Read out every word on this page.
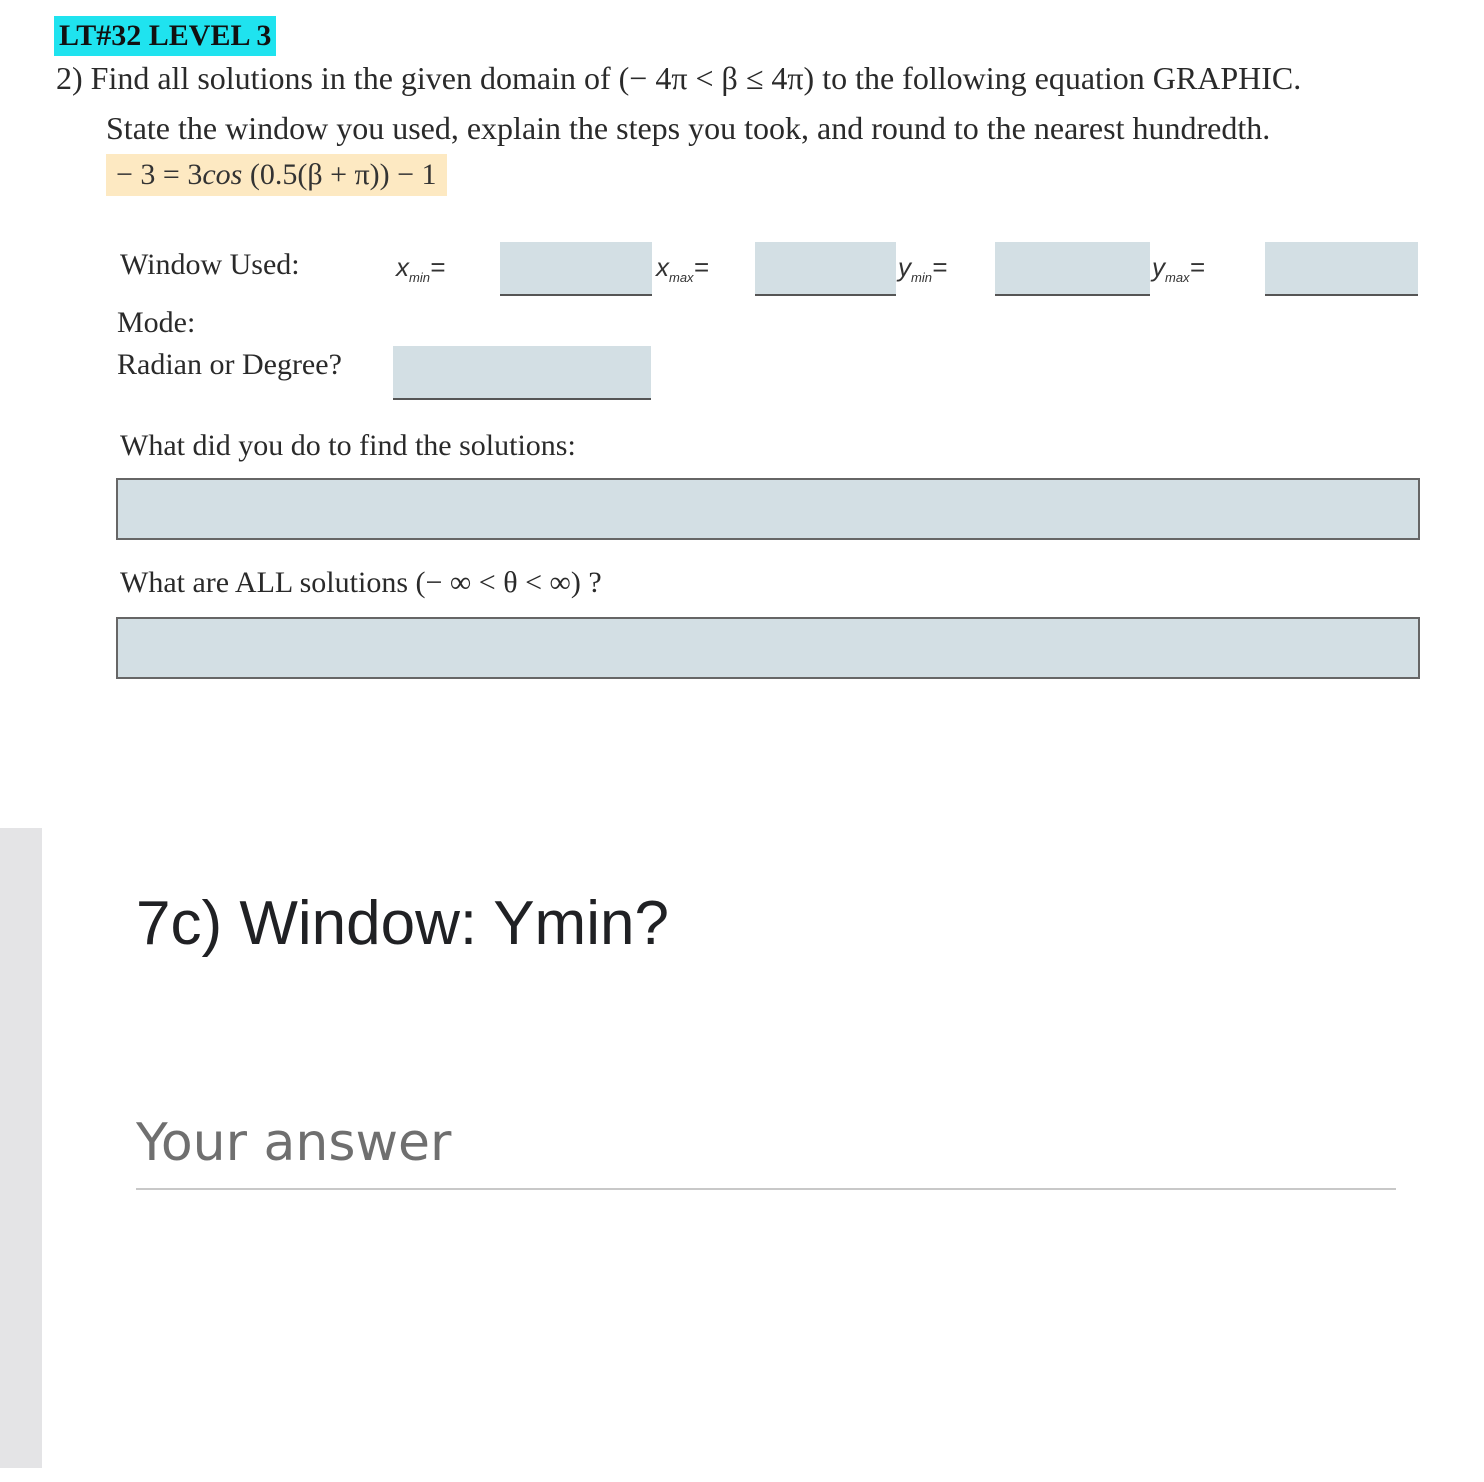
LT#32 LEVEL 3
2) Find all solutions in the given domain of (− 4π < β ≤ 4π) to the following equation GRAPHIC.
State the window you used, explain the steps you took, and round to the nearest hundredth.
− 3 = 3cos (0.5(β + π)) − 1
Window Used:	$x_{min}=$	$x_{max}=$	$y_{min}=$	$y_{max}=$
Mode:
Radian or Degree?
What did you do to find the solutions:
What are ALL solutions (− ∞ < θ < ∞) ?
7c) Window: Ymin?
Your answer
